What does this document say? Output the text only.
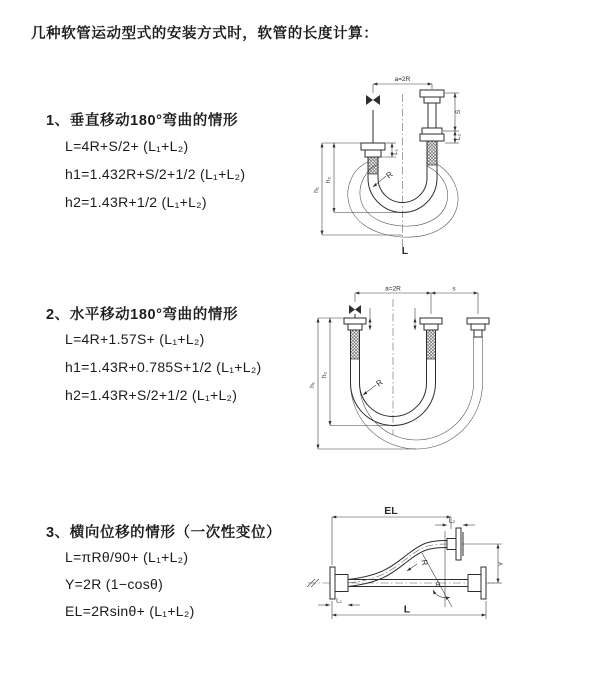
几种软管运动型式的安装方式时，软管的长度计算：
1、垂直移动180°弯曲的情形
L=4R+S/2+ (L₁+L₂)
h1=1.432R+S/2+1/2 (L₁+L₂)
h2=1.43R+1/2 (L₁+L₂)
2、水平移动180°弯曲的情形
L=4R+1.57S+ (L₁+L₂)
h1=1.43R+0.785S+1/2 (L₁+L₂)
h2=1.43R+S/2+1/2 (L₁+L₂)
3、横向位移的情形（一次性变位）
L=πRθ/90+ (L₁+L₂)
Y=2R (1−cosθ)
EL=2Rsinθ+ (L₁+L₂)
a=2R
L₁
S
L₂
h₁
h₂	R
L
a=2R	s
h₁
h₂
R
EL
L₂
Y
θ
R
L₁
L
